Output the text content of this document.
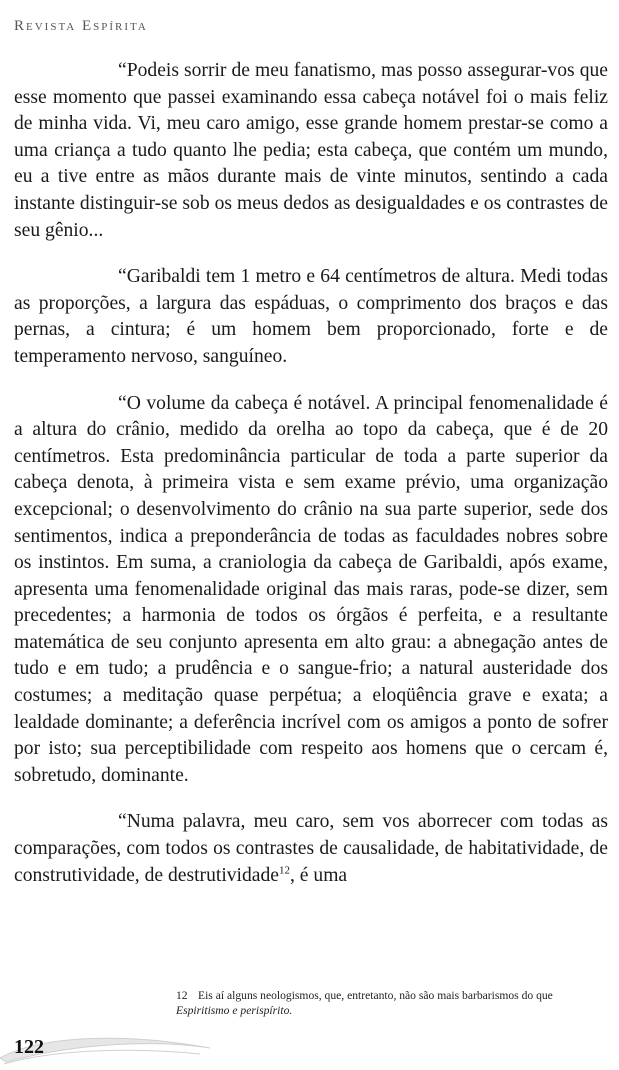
Revista Espírita

“Podeis sorrir de meu fanatismo, mas posso assegurar-vos que esse momento que passei examinando essa cabeça notável foi o mais feliz de minha vida. Vi, meu caro amigo, esse grande homem prestar-se como a uma criança a tudo quanto lhe pedia; esta cabeça, que contém um mundo, eu a tive entre as mãos durante mais de vinte minutos, sentindo a cada instante distinguir-se sob os meus dedos as desigualdades e os contrastes de seu gênio...

“Garibaldi tem 1 metro e 64 centímetros de altura. Medi todas as proporções, a largura das espáduas, o comprimento dos braços e das pernas, a cintura; é um homem bem proporcionado, forte e de temperamento nervoso, sanguíneo.

“O volume da cabeça é notável. A principal fenomenalidade é a altura do crânio, medido da orelha ao topo da cabeça, que é de 20 centímetros. Esta predominância particular de toda a parte superior da cabeça denota, à primeira vista e sem exame prévio, uma organização excepcional; o desenvolvimento do crânio na sua parte superior, sede dos sentimentos, indica a preponderância de todas as faculdades nobres sobre os instintos. Em suma, a craniologia da cabeça de Garibaldi, após exame, apresenta uma fenomenalidade original das mais raras, pode-se dizer, sem precedentes; a harmonia de todos os órgãos é perfeita, e a resultante matemática de seu conjunto apresenta em alto grau: a abnegação antes de tudo e em tudo; a prudência e o sangue-frio; a natural austeridade dos costumes; a meditação quase perpétua; a eloqüência grave e exata; a lealdade dominante; a deferência incrível com os amigos a ponto de sofrer por isto; sua perceptibilidade com respeito aos homens que o cercam é, sobretudo, dominante.

“Numa palavra, meu caro, sem vos aborrecer com todas as comparações, com todos os contrastes de causalidade, de habitatividade, de construtividade, de destrutividade$^{12}$, é uma

12 Eis aí alguns neologismos, que, entretanto, não são mais barbarismos do que Espiritismo e perispírito.
122
